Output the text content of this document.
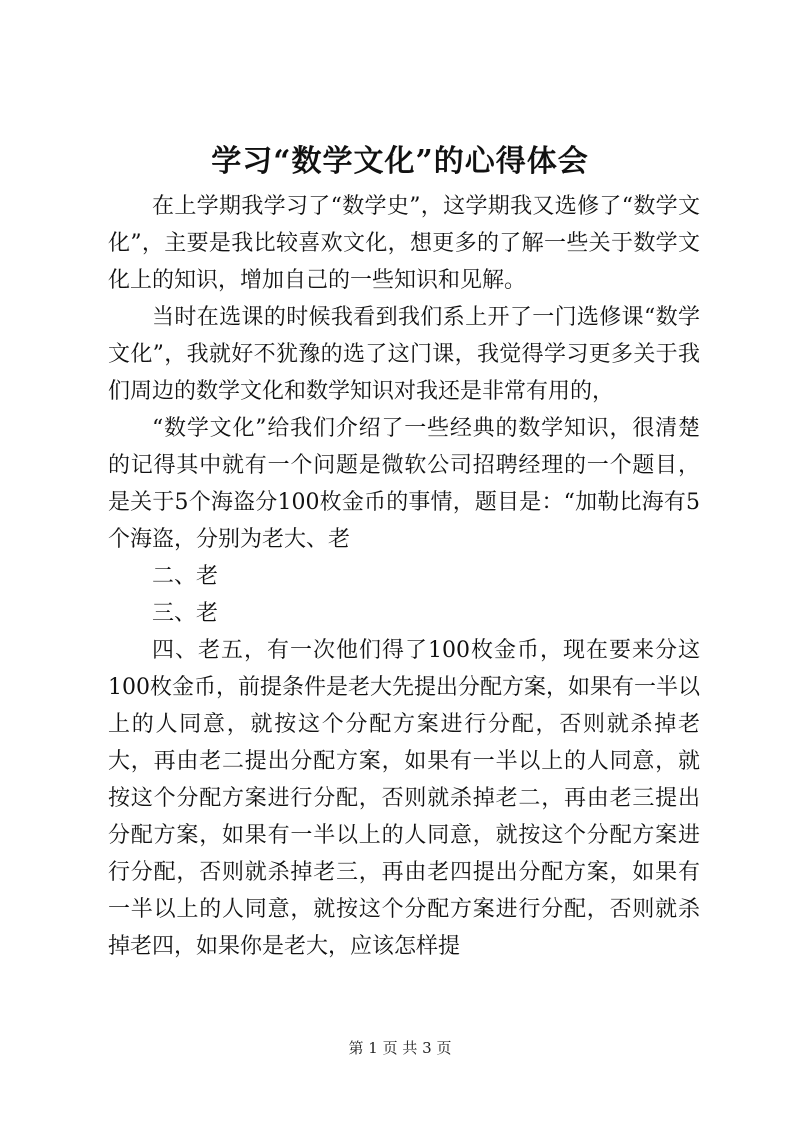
学习“数学文化”的心得体会

在上学期我学习了“数学史”，这学期我又选修了“数学文化”，主要是我比较喜欢文化，想更多的了解一些关于数学文化上的知识，增加自己的一些知识和见解。

当时在选课的时候我看到我们系上开了一门选修课“数学文化”，我就好不犹豫的选了这门课，我觉得学习更多关于我们周边的数学文化和数学知识对我还是非常有用的，

“数学文化”给我们介绍了一些经典的数学知识，很清楚的记得其中就有一个问题是微软公司招聘经理的一个题目，是关于5个海盗分100枚金币的事情，题目是：“加勒比海有5个海盗，分别为老大、老

二、老

三、老

四、老五，有一次他们得了100枚金币，现在要来分这100枚金币，前提条件是老大先提出分配方案，如果有一半以上的人同意，就按这个分配方案进行分配，否则就杀掉老大，再由老二提出分配方案，如果有一半以上的人同意，就按这个分配方案进行分配，否则就杀掉老二，再由老三提出分配方案，如果有一半以上的人同意，就按这个分配方案进行分配，否则就杀掉老三，再由老四提出分配方案，如果有一半以上的人同意，就按这个分配方案进行分配，否则就杀掉老四，如果你是老大，应该怎样提

第 1 页 共 3 页
